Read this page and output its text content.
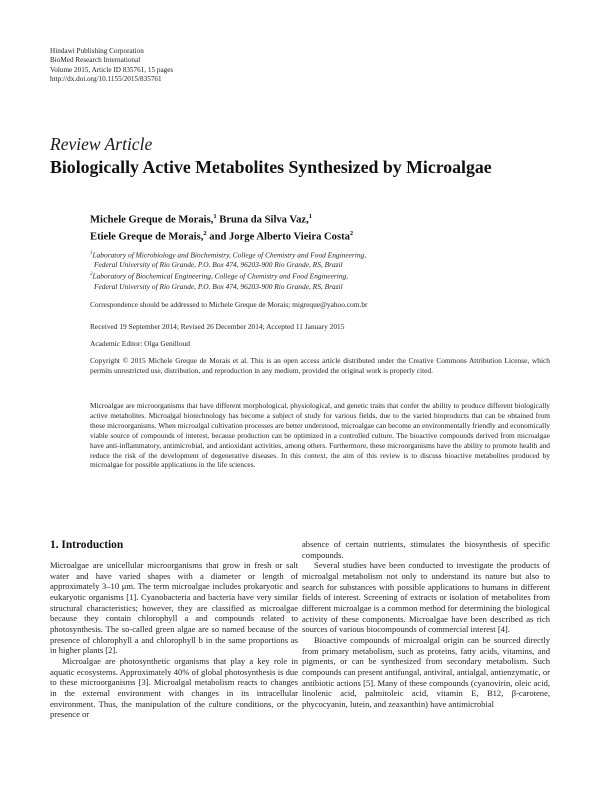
Hindawi Publishing Corporation
BioMed Research International
Volume 2015, Article ID 835761, 15 pages
http://dx.doi.org/10.1155/2015/835761
Review Article
Biologically Active Metabolites Synthesized by Microalgae
Michele Greque de Morais,$^1$ Bruna da Silva Vaz,$^1$
Etiele Greque de Morais,$^2$ and Jorge Alberto Vieira Costa$^2$
$^1$Laboratory of Microbiology and Biochemistry, College of Chemistry and Food Engineering,
Federal University of Rio Grande, P.O. Box 474, 96203-900 Rio Grande, RS, Brazil
$^2$Laboratory of Biochemical Engineering, College of Chemistry and Food Engineering,
Federal University of Rio Grande, P.O. Box 474, 96203-900 Rio Grande, RS, Brazil
Correspondence should be addressed to Michele Greque de Morais; migreque@yahoo.com.br
Received 19 September 2014; Revised 26 December 2014; Accepted 11 January 2015
Academic Editor: Olga Genilloud
Copyright © 2015 Michele Greque de Morais et al. This is an open access article distributed under the Creative Commons Attribution License, which permits unrestricted use, distribution, and reproduction in any medium, provided the original work is properly cited.
Microalgae are microorganisms that have different morphological, physiological, and genetic traits that confer the ability to produce different biologically active metabolites. Microalgal biotechnology has become a subject of study for various fields, due to the varied bioproducts that can be obtained from these microorganisms. When microalgal cultivation processes are better understood, microalgae can become an environmentally friendly and economically viable source of compounds of interest, because production can be optimized in a controlled culture. The bioactive compounds derived from microalgae have anti-inflammatory, antimicrobial, and antioxidant activities, among others. Furthermore, these microorganisms have the ability to promote health and reduce the risk of the development of degenerative diseases. In this context, the aim of this review is to discuss bioactive metabolites produced by microalgae for possible applications in the life sciences.
1. Introduction

Microalgae are unicellular microorganisms that grow in fresh or salt water and have varied shapes with a diameter or length of approximately 3–10 μm. The term microalgae includes prokaryotic and eukaryotic organisms [1]. Cyanobacteria and bacteria have very similar structural characteristics; however, they are classified as microalgae because they contain chlorophyll a and compounds related to photosynthesis. The so-called green algae are so named because of the presence of chlorophyll a and chlorophyll b in the same proportions as in higher plants [2].

Microalgae are photosynthetic organisms that play a key role in aquatic ecosystems. Approximately 40% of global photosynthesis is due to these microorganisms [3]. Microalgal metabolism reacts to changes in the external environment with changes in its intracellular environment. Thus, the manipulation of the culture conditions, or the presence or

absence of certain nutrients, stimulates the biosynthesis of specific compounds.

Several studies have been conducted to investigate the products of microalgal metabolism not only to understand its nature but also to search for substances with possible applications to humans in different fields of interest. Screening of extracts or isolation of metabolites from different microalgae is a common method for determining the biological activity of these components. Microalgae have been described as rich sources of various biocompounds of commercial interest [4].

Bioactive compounds of microalgal origin can be sourced directly from primary metabolism, such as proteins, fatty acids, vitamins, and pigments, or can be synthesized from secondary metabolism. Such compounds can present antifungal, antiviral, antialgal, antienzymatic, or antibiotic actions [5]. Many of these compounds (cyanovirin, oleic acid, linolenic acid, palmitoleic acid, vitamin E, B12, β-carotene, phycocyanin, lutein, and zeaxanthin) have antimicrobial
